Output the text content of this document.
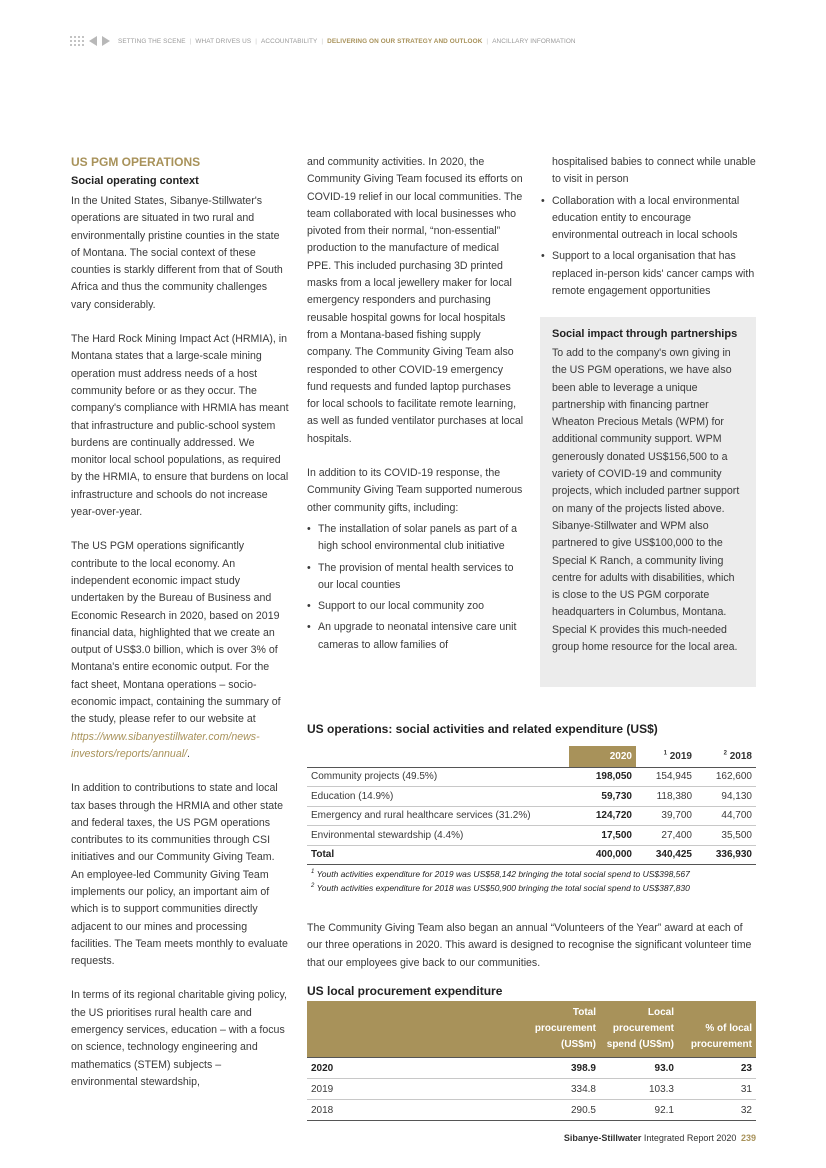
SETTING THE SCENE | WHAT DRIVES US | ACCOUNTABILITY | DELIVERING ON OUR STRATEGY AND OUTLOOK | ANCILLARY INFORMATION
US PGM OPERATIONS
Social operating context

In the United States, Sibanye-Stillwater's operations are situated in two rural and environmentally pristine counties in the state of Montana. The social context of these counties is starkly different from that of South Africa and thus the community challenges vary considerably.

The Hard Rock Mining Impact Act (HRMIA), in Montana states that a large-scale mining operation must address needs of a host community before or as they occur. The company's compliance with HRMIA has meant that infrastructure and public-school system burdens are continually addressed. We monitor local school populations, as required by the HRMIA, to ensure that burdens on local infrastructure and schools do not increase year-over-year.

The US PGM operations significantly contribute to the local economy. An independent economic impact study undertaken by the Bureau of Business and Economic Research in 2020, based on 2019 financial data, highlighted that we create an output of US$3.0 billion, which is over 3% of Montana's entire economic output. For the fact sheet, Montana operations – socio-economic impact, containing the summary of the study, please refer to our website at https://www.sibanyestillwater.com/news-investors/reports/annual/.

In addition to contributions to state and local tax bases through the HRMIA and other state and federal taxes, the US PGM operations contributes to its communities through CSI initiatives and our Community Giving Team. An employee-led Community Giving Team implements our policy, an important aim of which is to support communities directly adjacent to our mines and processing facilities. The Team meets monthly to evaluate requests.

In terms of its regional charitable giving policy, the US prioritises rural health care and emergency services, education – with a focus on science, technology engineering and mathematics (STEM) subjects – environmental stewardship,

and community activities. In 2020, the Community Giving Team focused its efforts on COVID-19 relief in our local communities. The team collaborated with local businesses who pivoted from their normal, “non-essential” production to the manufacture of medical PPE. This included purchasing 3D printed masks from a local jewellery maker for local emergency responders and purchasing reusable hospital gowns for local hospitals from a Montana-based fishing supply company. The Community Giving Team also responded to other COVID-19 emergency fund requests and funded laptop purchases for local schools to facilitate remote learning, as well as funded ventilator purchases at local hospitals.

In addition to its COVID-19 response, the Community Giving Team supported numerous other community gifts, including:

• The installation of solar panels as part of a high school environmental club initiative
• The provision of mental health services to our local counties
• Support to our local community zoo
• An upgrade to neonatal intensive care unit cameras to allow families of

hospitalised babies to connect while unable to visit in person

• Collaboration with a local environmental education entity to encourage environmental outreach in local schools
• Support to a local organisation that has replaced in-person kids' cancer camps with remote engagement opportunities
Social impact through partnerships
To add to the company's own giving in the US PGM operations, we have also been able to leverage a unique partnership with financing partner Wheaton Precious Metals (WPM) for additional community support. WPM generously donated US$156,500 to a variety of COVID-19 and community projects, which included partner support on many of the projects listed above. Sibanye-Stillwater and WPM also partnered to give US$100,000 to the Special K Ranch, a community living centre for adults with disabilities, which is close to the US PGM corporate headquarters in Columbus, Montana. Special K provides this much-needed group home resource for the local area.
US operations: social activities and related expenditure (US$)
	2020	$^1$ 2019	$^2$ 2018
Community projects (49.5%)	198,050	154,945	162,600
Education (14.9%)	59,730	118,380	94,130
Emergency and rural healthcare services (31.2%)	124,720	39,700	44,700
Environmental stewardship (4.4%)	17,500	27,400	35,500
Total	400,000	340,425	336,930
$^1$ Youth activities expenditure for 2019 was US$58,142 bringing the total social spend to US$398,567
$^2$ Youth activities expenditure for 2018 was US$50,900 bringing the total social spend to US$387,830
The Community Giving Team also began an annual “Volunteers of the Year” award at each of our three operations in 2020. This award is designed to recognise the significant volunteer time that our employees give back to our communities.
US local procurement expenditure
	Total procurement (US$m)	Local procurement spend (US$m)	% of local procurement
2020	398.9	93.0	23
2019	334.8	103.3	31
2018	290.5	92.1	32
Sibanye-Stillwater Integrated Report 2020 239
